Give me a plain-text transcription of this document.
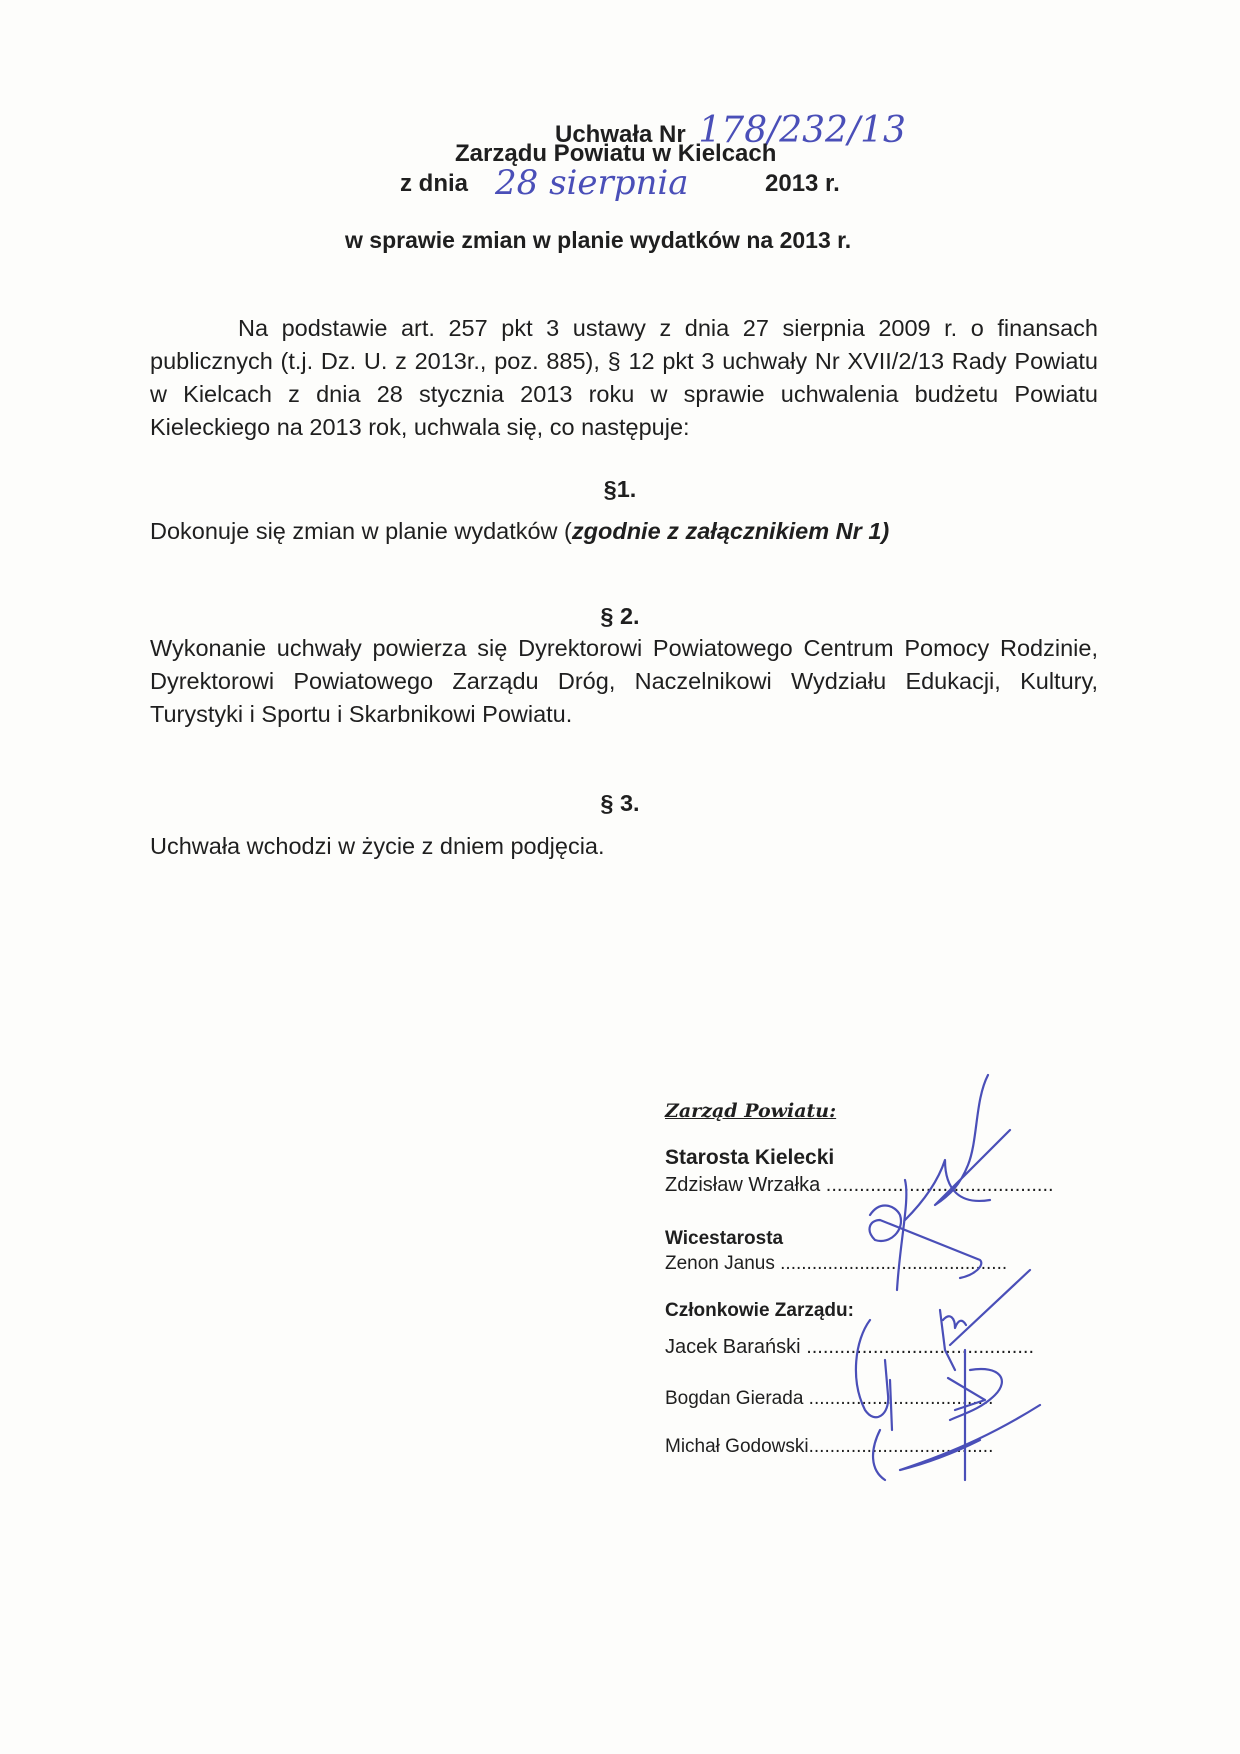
Uchwała Nr 178/232/13
Zarządu Powiatu w Kielcach
z dnia 28 sierpnia	2013 r.
w sprawie zmian w planie wydatków na 2013 r.
Na podstawie art. 257 pkt 3 ustawy z dnia 27 sierpnia 2009 r. o finansach publicznych (t.j. Dz. U. z 2013r., poz. 885), § 12 pkt 3 uchwały Nr XVII/2/13 Rady Powiatu w Kielcach z dnia 28 stycznia 2013 roku w sprawie uchwalenia budżetu Powiatu Kieleckiego na 2013 rok, uchwala się, co następuje:
§1.
Dokonuje się zmian w planie wydatków (zgodnie z załącznikiem Nr 1)
§ 2.
Wykonanie uchwały powierza się Dyrektorowi Powiatowego Centrum Pomocy Rodzinie, Dyrektorowi Powiatowego Zarządu Dróg, Naczelnikowi Wydziału Edukacji, Kultury, Turystyki i Sportu i Skarbnikowi Powiatu.
§ 3.
Uchwała wchodzi w życie z dniem podjęcia.
Zarząd Powiatu:
Starosta Kielecki
Zdzisław Wrzałka .........................................
Wicestarosta
Zenon Janus ...........................................
Członkowie Zarządu:
Jacek Barański .........................................
Bogdan Gierada ...................................
Michał Godowski...................................
